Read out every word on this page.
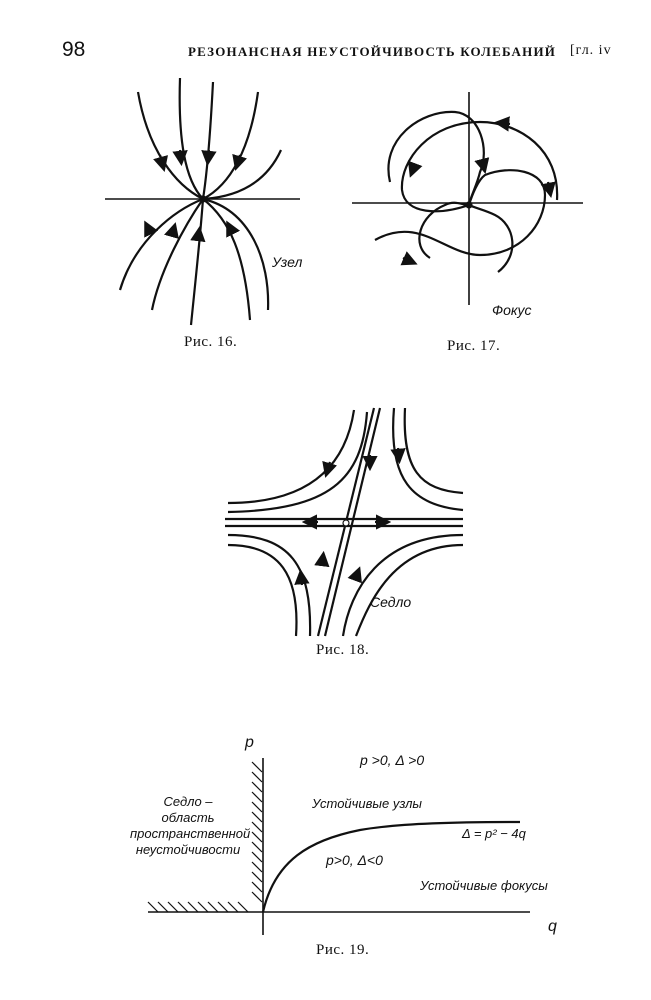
98	РЕЗОНАНСНАЯ НЕУСТОЙЧИВОСТЬ КОЛЕБАНИЙ [гл. iv
Узел
Рис. 16.
Фокус
Рис. 17.
Седло
Рис. 18.
p
q
p >0, Δ >0
Устойчивые узлы
Δ = p² − 4q
p>0, Δ<0
Устойчивые фокусы
Седло –
область
пространственной
неустойчивости
Рис. 19.
